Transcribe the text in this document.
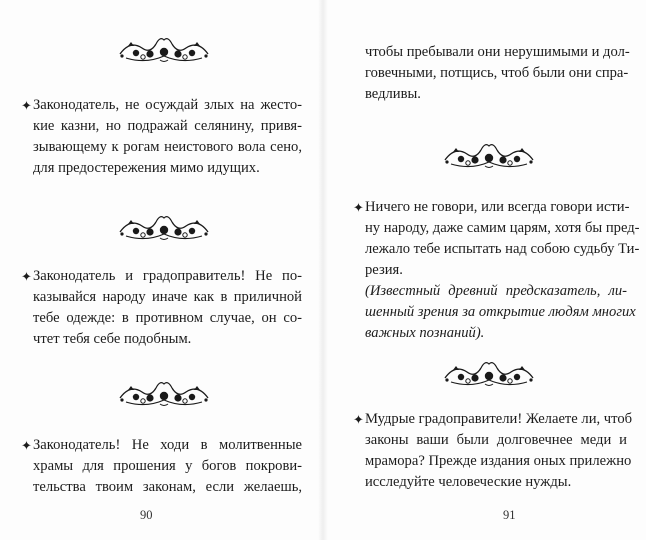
✦ Законодатель, не осуждай злых на жесто-
кие казни, но подражай селянину, привя-
зывающему к рогам неистового вола сено,
для предостережения мимо идущих.
✦ Законодатель и градоправитель! Не по-
казывайся народу иначе как в приличной
тебе одежде: в противном случае, он со-
чтет тебя себе подобным.
✦ Законодатель! Не ходи в молитвенные
храмы для прошения у богов покрови-
тельства твоим законам, если желаешь,
90
чтобы пребывали они нерушимыми и дол-
говечными, потщись, чтоб были они спра-
ведливы.
✦ Ничего не говори, или всегда говори исти-
ну народу, даже самим царям, хотя бы пред-
лежало тебе испытать над собою судьбу Ти-
резия.
(Известный древний предсказатель, ли-
шенный зрения за открытие людям многих
важных познаний).
✦ Мудрые градоправители! Желаете ли, чтоб
законы ваши были долговечнее меди и
мрамора? Прежде издания оных прилежно
исследуйте человеческие нужды.
91
